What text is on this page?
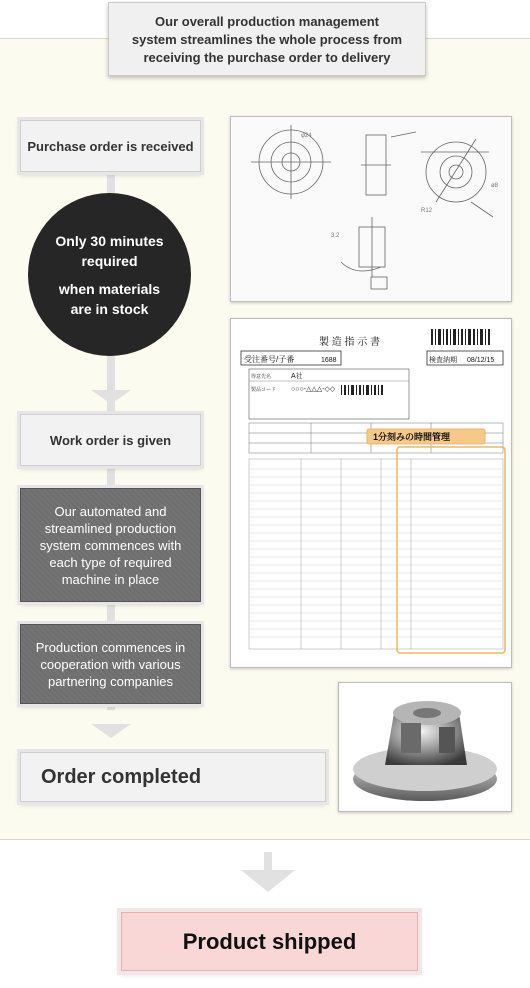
Our overall production management
system streamlines the whole process from
receiving the purchase order to delivery
Purchase order is received
Only 30 minutes
required
when materials
are in stock
Work order is given
Our automated and
streamlined production
system commences with
each type of required
machine in place
Production commences in
cooperation with various
partnering companies
Order completed
φ24
R12
3.2
ø8
製 造 指 示 書
受注番号/子番	1688	検査納期 08/12/15
得意先名	A社
製品コード ○○○-△△△-◇◇
1分刻みの時間管理
Product shipped
